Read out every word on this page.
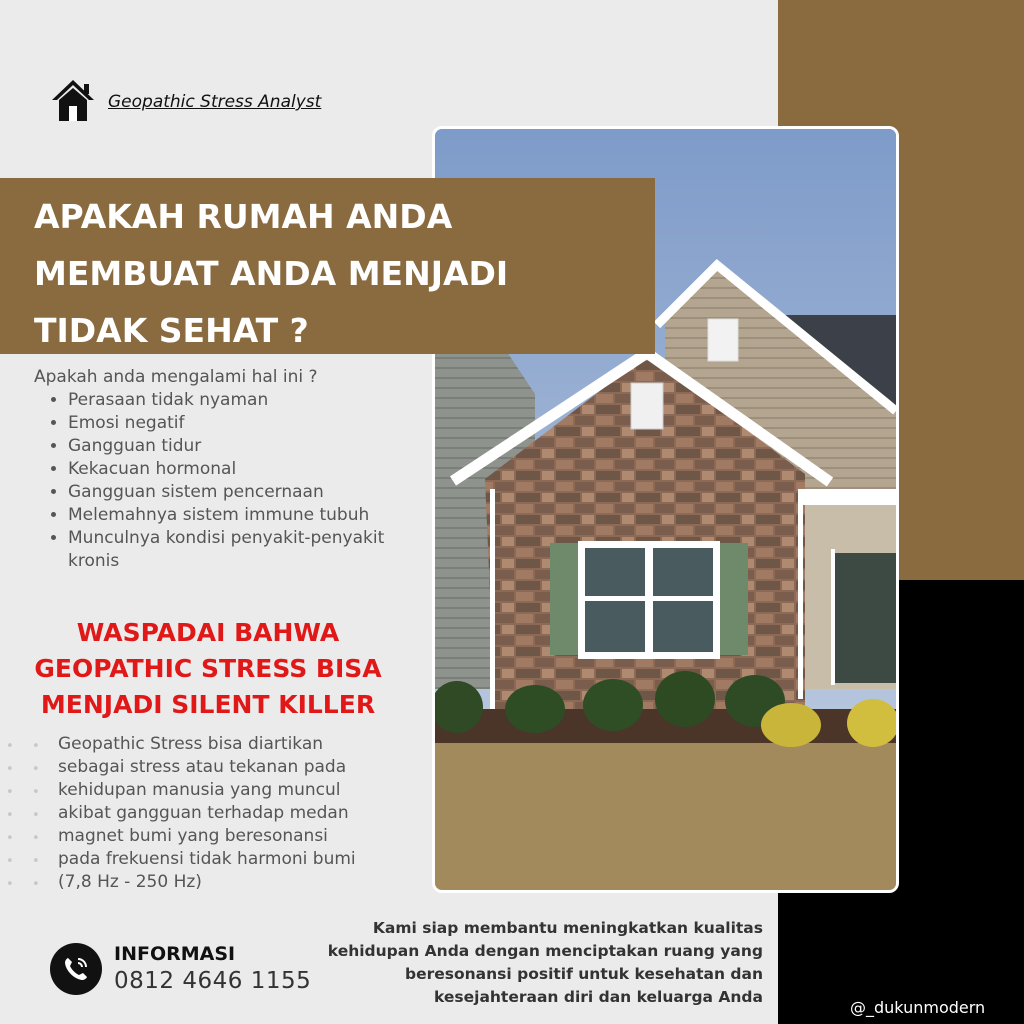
Geopathic Stress Analyst
APAKAH RUMAH ANDA
MEMBUAT ANDA MENJADI
TIDAK SEHAT ?
Apakah anda mengalami hal ini ?
• Perasaan tidak nyaman
• Emosi negatif
• Gangguan tidur
• Kekacuan hormonal
• Gangguan sistem pencernaan
• Melemahnya sistem immune tubuh
• Munculnya kondisi penyakit-penyakit kronis
WASPADAI BAHWA
GEOPATHIC STRESS BISA
MENJADI SILENT KILLER
• •
• •
• •
• •
• •
• •
• •
Geopathic Stress bisa diartikan
sebagai stress atau tekanan pada
kehidupan manusia yang muncul
akibat gangguan terhadap medan
magnet bumi yang beresonansi
pada frekuensi tidak harmoni bumi
(7,8 Hz - 250 Hz)
INFORMASI
0812 4646 1155
Kami siap membantu meningkatkan kualitas
kehidupan Anda dengan menciptakan ruang yang
beresonansi positif untuk kesehatan dan
kesejahteraan diri dan keluarga Anda
@_dukunmodern
